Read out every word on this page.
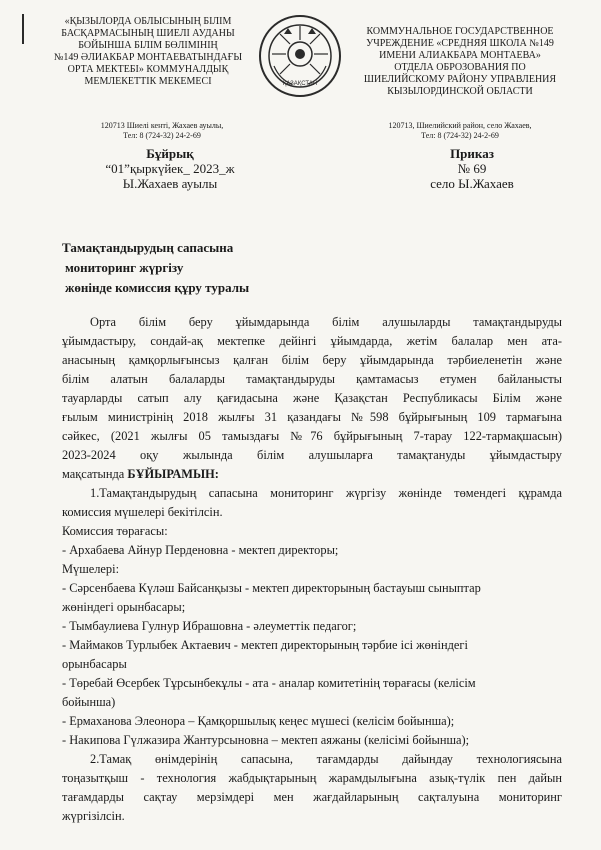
«ҚЫЗЫЛОРДА ОБЛЫСЫНЫҢ БІЛІМ
БАСҚАРМАСЫНЫҢ ШИЕЛІ АУДАНЫ
БОЙЫНША БІЛІМ БӨЛІМІНІҢ
№149 ӘЛИАКБАР МОНТАЕВАТЫНДАҒЫ
ОРТА МЕКТЕБІ» КОММУНАЛДЫҚ
МЕМЛЕКЕТТІК МЕКЕМЕСІ	ҚАЗАҚСТАН
КОММУНАЛЬНОЕ ГОСУДАРСТВЕННОЕ
УЧРЕЖДЕНИЕ «СРЕДНЯЯ ШКОЛА №149
ИМЕНИ АЛИАКБАРА МОНТАЕВА»
ОТДЕЛА ОБРОЗОВАНИЯ ПО
ШИЕЛИЙСКОМУ РАЙОНУ УПРАВЛЕНИЯ
КЫЗЫЛОРДИНСКОЙ ОБЛАСТИ
120713 Шиелі кенті, Жахаев ауылы,
Тел: 8 (724-32) 24-2-69
120713, Шиелийский район, село Жахаев,
Тел: 8 (724-32) 24-2-69
Бұйрық
“01”қыркүйек_ 2023_ж
Ы.Жахаев ауылы
Приказ
№ 69
село Ы.Жахаев
Тамақтандырудың сапасына
мониторинг жүргізу
жөнінде комиссия құру туралы

Орта білім беру ұйымдарында білім алушыларды тамақтандыруды

ұйымдастыру, сондай-ақ мектепке дейінгі ұйымдарда, жетім балалар мен ата-

анасының қамқорлығынсыз қалған білім беру ұйымдарында тәрбиеленетін және

білім алатын балаларды тамақтандыруды қамтамасыз етумен байланысты

тауарларды сатып алу қағидасына және Қазақстан Республикасы Білім және

ғылым министрінің 2018 жылғы 31 қазандағы №598 бұйрығының 109 тармағына

сәйкес, (2021 жылғы 05 тамыздағы №76 бұйрығының 7-тарау 122-тармақшасын)

2023-2024 оқу жылында білім алушыларға тамақтануды ұйымдастыру

мақсатында БҰЙЫРАМЫН:

1.Тамақтандырудың сапасына мониторинг жүргізу жөнінде төмендегі құрамда

комиссия мүшелері бекітілсін.

Комиссия төрағасы:

- Архабаева Айнур Перденовна - мектеп директоры;

Мүшелері:

- Сәрсенбаева Күләш Байсанқызы - мектеп директорының бастауыш сыныптар

жөніндегі орынбасары;

- Тымбаулиева Гулнур Ибрашовна - әлеуметтік педагог;

- Маймаков Турлыбек Актаевич - мектеп директорының тәрбие ісі жөніндегі

орынбасары

- Төребай Өсербек Тұрсынбекұлы - ата - аналар комитетінің төрағасы (келісім

бойынша)

- Ермаханова Элеонора – Қамқоршылық кеңес мүшесі (келісім бойынша);

- Накипова Гүлжазира Жантурсыновна – мектеп аяжаны (келісімі бойынша);

2.Тамақ өнімдерінің сапасына, тағамдарды дайындау технологиясына

тоңазытқыш - технология жабдықтарының жарамдылығына азық-түлік пен дайын

тағамдарды сақтау мерзімдері мен жағдайларының сақталуына мониторинг

жүргізілсін.
